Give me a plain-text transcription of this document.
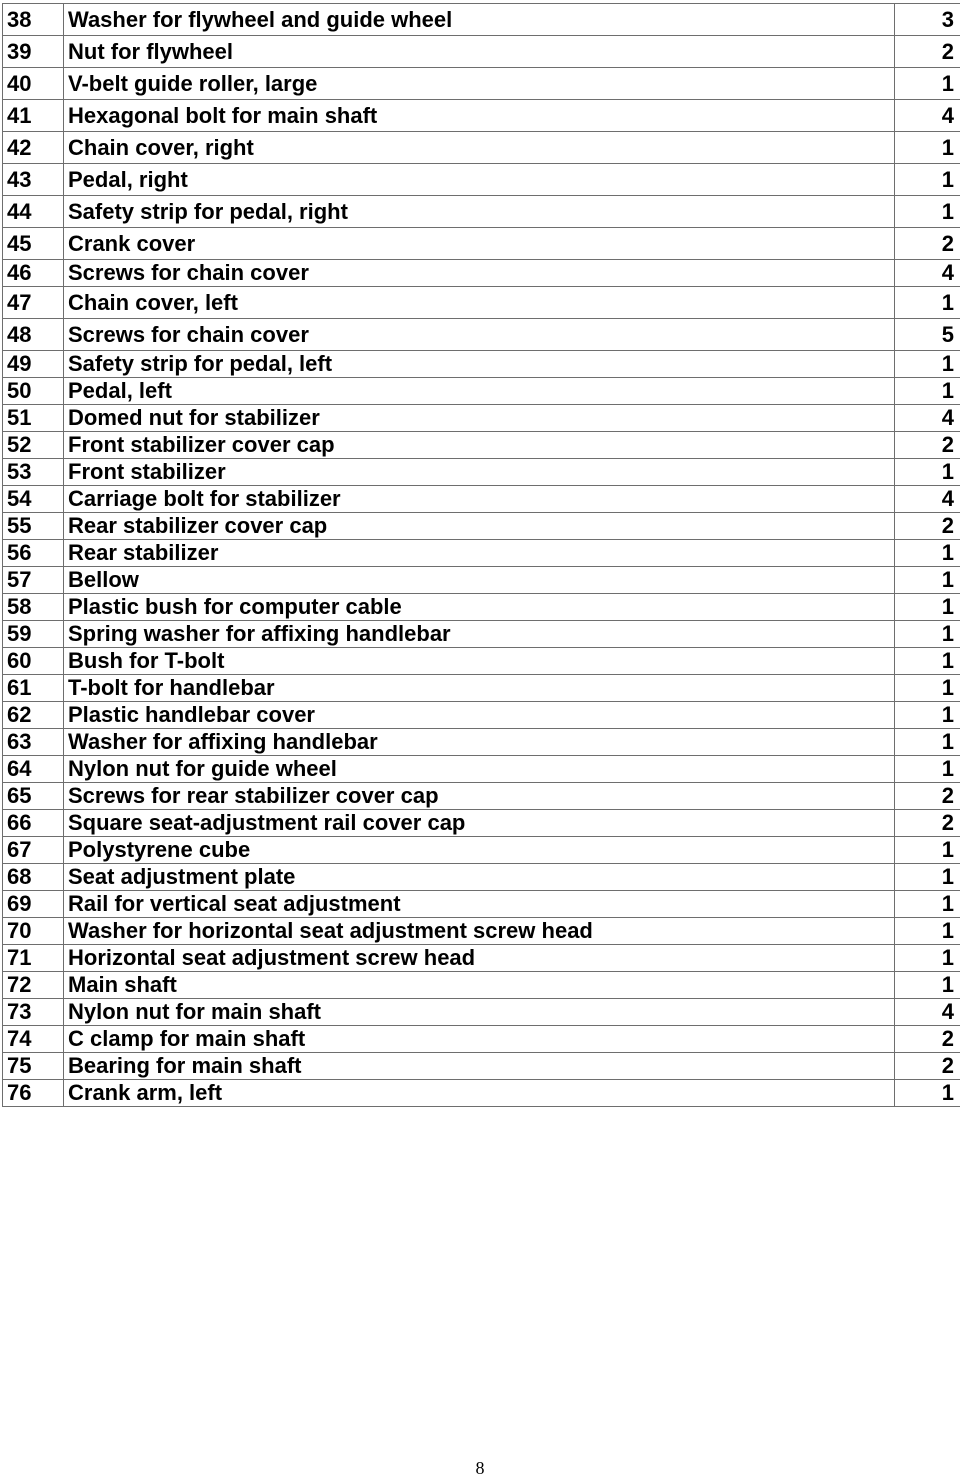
38	Washer for flywheel and guide wheel	3
39	Nut for flywheel	2
40	V-belt guide roller, large	1
41	Hexagonal bolt for main shaft	4
42	Chain cover, right	1
43	Pedal, right	1
44	Safety strip for pedal, right	1
45	Crank cover	2
46	Screws for chain cover	4
47	Chain cover, left	1
48	Screws for chain cover	5
49	Safety strip for pedal, left	1
50	Pedal, left	1
51	Domed nut for stabilizer	4
52	Front stabilizer cover cap	2
53	Front stabilizer	1
54	Carriage bolt for stabilizer	4
55	Rear stabilizer cover cap	2
56	Rear stabilizer	1
57	Bellow	1
58	Plastic bush for computer cable	1
59	Spring washer for affixing handlebar	1
60	Bush for T-bolt	1
61	T-bolt for handlebar	1
62	Plastic handlebar cover	1
63	Washer for affixing handlebar	1
64	Nylon nut for guide wheel	1
65	Screws for rear stabilizer cover cap	2
66	Square seat-adjustment rail cover cap	2
67	Polystyrene cube	1
68	Seat adjustment plate	1
69	Rail for vertical seat adjustment	1
70	Washer for horizontal seat adjustment screw head	1
71	Horizontal seat adjustment screw head	1
72	Main shaft	1
73	Nylon nut for main shaft	4
74	C clamp for main shaft	2
75	Bearing for main shaft	2
76	Crank arm, left	1
8
